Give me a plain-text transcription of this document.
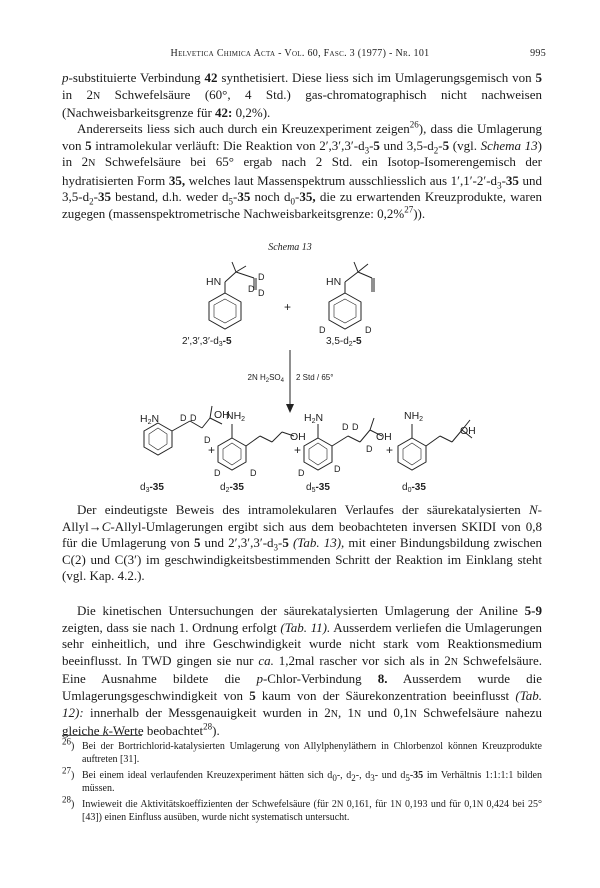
Helvetica Chimica Acta - Vol. 60, Fasc. 3 (1977) - Nr. 101	995

p-substituierte Verbindung 42 synthetisiert. Diese liess sich im Umlagerungsgemisch von 5 in 2N Schwefelsäure (60°, 4 Std.) gas-chromatographisch nicht nachweisen (Nachweisbarkeitsgrenze für 42: 0,2%).

Andererseits liess sich auch durch ein Kreuzexperiment zeigen$^{26}$), dass die Umlagerung von 5 intramolekular verläuft: Die Reaktion von $2',3',3'-d_3-5$ und $3,5-d_2-5$ (vgl. Schema 13) in 2N Schwefelsäure bei 65° ergab nach 2 Std. ein Isotop-Isomerengemisch der hydratisierten Form 35, welches laut Massenspektrum ausschliesslich aus $1',1'-2'-d_3-35$ und $3,5-d_2-35$ bestand, d.h. weder $d_5-35$ noch $d_0-35$, die zu erwartenden Kreuzprodukte, waren zugegen (massenspektrometrische Nachweisbarkeitsgrenze: 0,2%$^{27}$)).

Schema 13
HN	D
D D
+
HN
D	D
$2',3',3'-d_3-5$	$3,5-d_2-5$
2N $H_2SO_4$ 2 Std / 65°
H2N D D
D
OH
+
NH2
D	D
OH
+
H2N
D D
D	D
D
OH
+
NH2
OH
$d_3-35$	$d_2-35$	$d_5-35$	$d_0-35$

Der eindeutigste Beweis des intramolekularen Verlaufes der säurekatalysierten N-Allyl→C-Allyl-Umlagerungen ergibt sich aus dem beobachteten inversen SKIDI von 0,8 für die Umlagerung von 5 und $2',3',3'-d_3-5$ (Tab. 13), mit einer Bindungsbildung zwischen C(2) und C(3′) im geschwindigkeitsbestimmenden Schritt der Reaktion im Einklang steht (vgl. Kap. 4.2.).

Die kinetischen Untersuchungen der säurekatalysierten Umlagerung der Aniline 5-9 zeigten, dass sie nach 1. Ordnung erfolgt (Tab. 11). Ausserdem verliefen die Umlagerungen sehr einheitlich, und ihre Geschwindigkeit wurde nicht stark vom Reaktionsmedium beeinflusst. In TWD gingen sie nur ca. 1,2mal rascher vor sich als in 2N Schwefelsäure. Eine Ausnahme bildete die p-Chlor-Verbindung 8. Ausserdem wurde die Umlagerungsgeschwindigkeit von 5 kaum von der Säurekonzentration beeinflusst (Tab. 12): innerhalb der Messgenauigkeit wurden in 2N, 1N und 0,1N Schwefelsäure nahezu gleiche k-Werte beobachtet$^{28}$).

$^{26}$) Bei der Bortrichlorid-katalysierten Umlagerung von Allylphenyläthern in Chlorbenzol können Kreuzprodukte auftreten [31].

$^{27}$) Bei einem ideal verlaufenden Kreuzexperiment hätten sich $d_0-$, $d_2-$, $d_3-$ und $d_5-35$ im Verhältnis 1:1:1:1 bilden müssen.

$^{28}$) Inwieweit die Aktivitätskoeffizienten der Schwefelsäure (für 2N 0,161, für 1N 0,193 und für 0,1N 0,424 bei 25° [43]) einen Einfluss ausüben, wurde nicht systematisch untersucht.
